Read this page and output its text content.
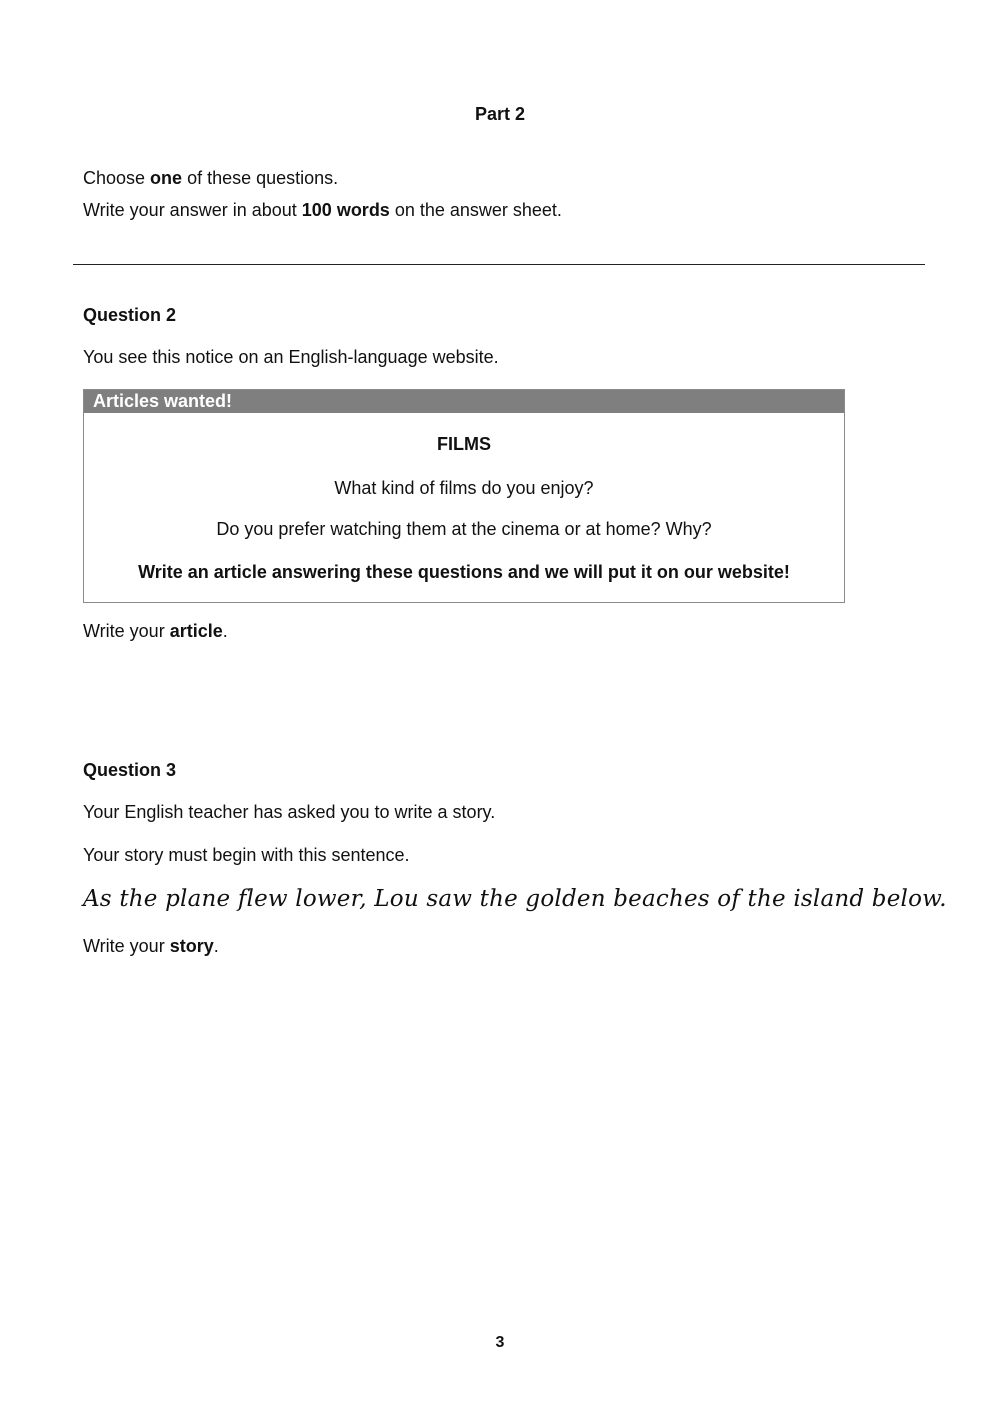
Part 2
Choose one of these questions.
Write your answer in about 100 words on the answer sheet.
Question 2
You see this notice on an English-language website.
Articles wanted!
FILMS
What kind of films do you enjoy?
Do you prefer watching them at the cinema or at home? Why?
Write an article answering these questions and we will put it on our website!
Write your article.
Question 3
Your English teacher has asked you to write a story.
Your story must begin with this sentence.
As the plane flew lower, Lou saw the golden beaches of the island below.
Write your story.
3
